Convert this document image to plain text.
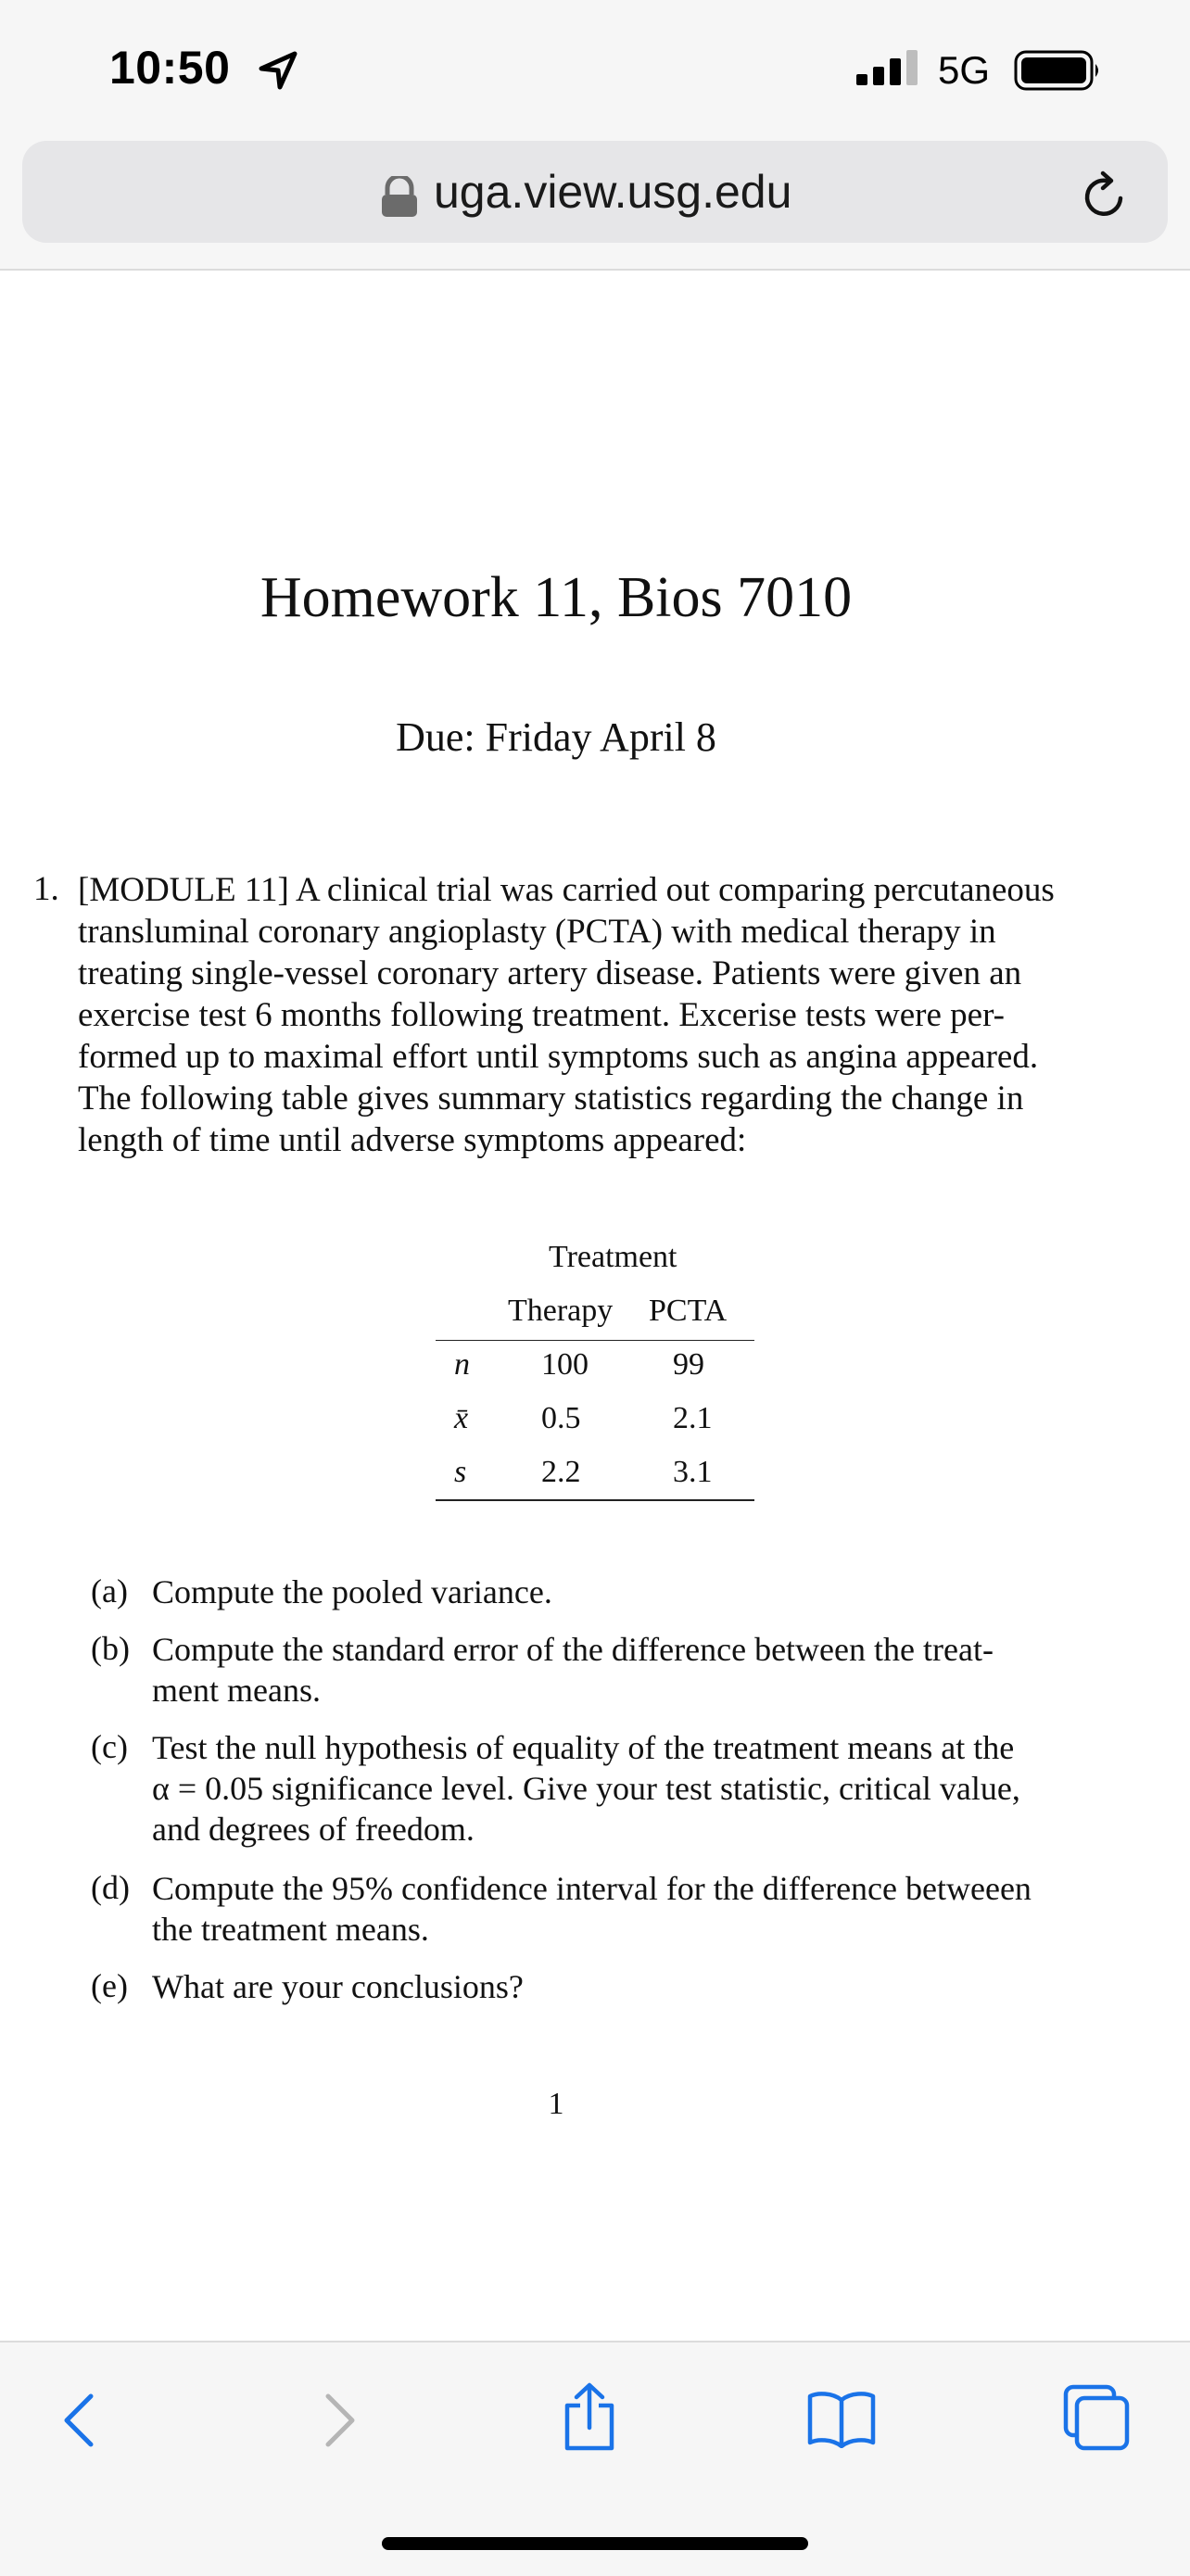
10:50	5G
uga.view.usg.edu
Homework 11, Bios 7010
Due: Friday April 8
1. [MODULE 11] A clinical trial was carried out comparing percutaneous
transluminal coronary angioplasty (PCTA) with medical therapy in
treating single-vessel coronary artery disease. Patients were given an
exercise test 6 months following treatment. Excerise tests were per-
formed up to maximal effort until symptoms such as angina appeared.
The following table gives summary statistics regarding the change in
length of time until adverse symptoms appeared:
Treatment
Therapy PCTA
n 100	99
x̄ 0.5	2.1
s 2.2	3.1
(a) Compute the pooled variance.
(b) Compute the standard error of the difference between the treat-
ment means.
(c) Test the null hypothesis of equality of the treatment means at the
α = 0.05 significance level. Give your test statistic, critical value,
and degrees of freedom.
(d) Compute the 95% confidence interval for the difference betweeen
the treatment means.
(e) What are your conclusions?
1
